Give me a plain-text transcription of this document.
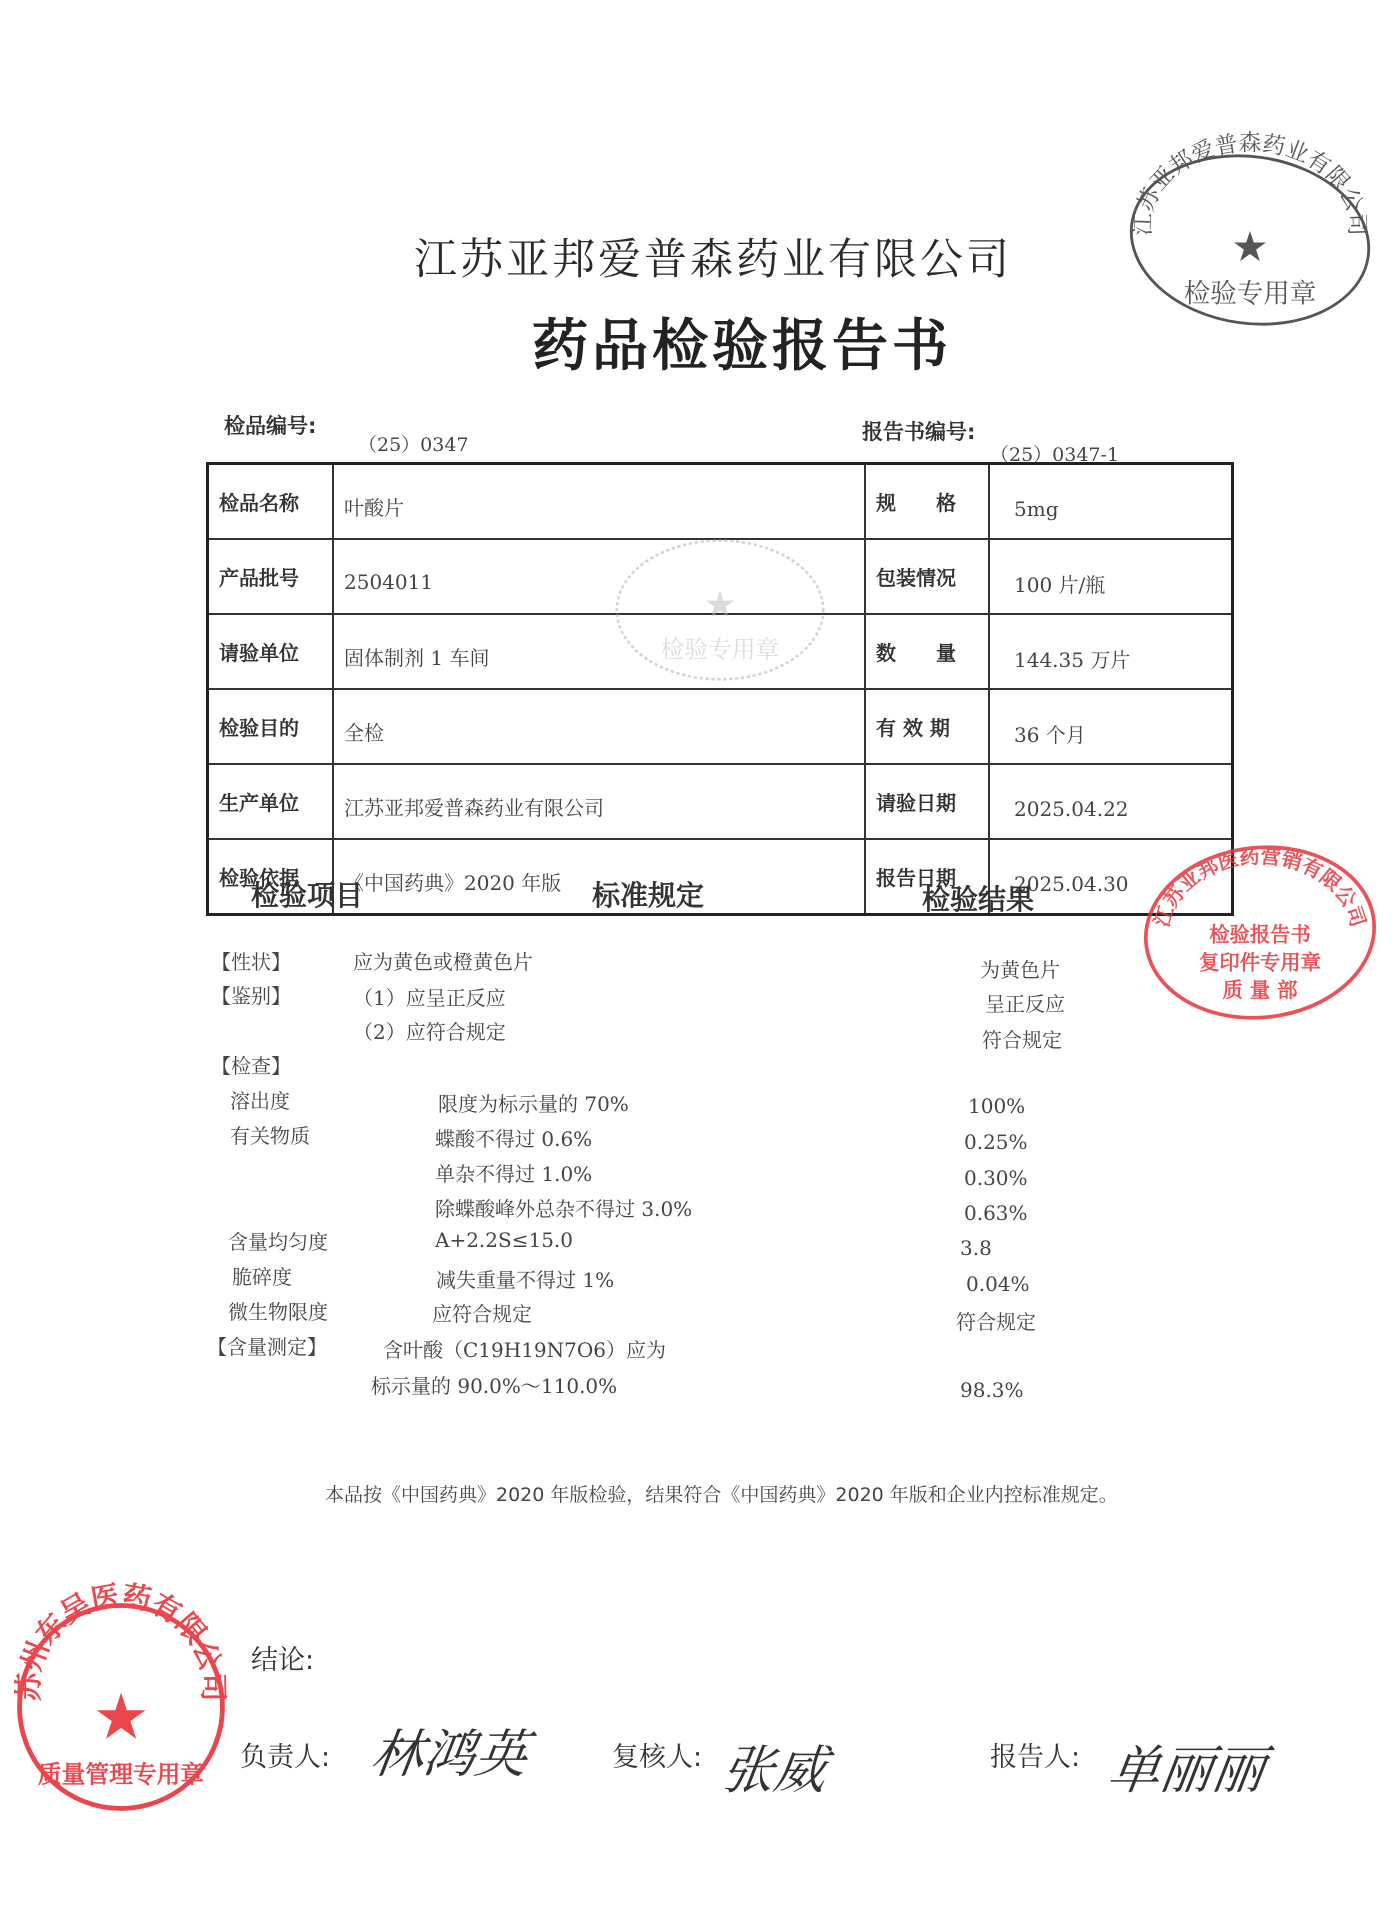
江苏亚邦爱普森药业有限公司
药品检验报告书
江苏亚邦爱普森药业有限公司
★
检验专用章
检品编号:
（25）0347
报告书编号:
（25）0347-1
检品名称	叶酸片	规　　格	5mg
产品批号	2504011	包装情况	100 片/瓶
请验单位	固体制剂 1 车间	数　　量	144.35 万片
检验目的	全检	有 效 期	36 个月
生产单位	江苏亚邦爱普森药业有限公司	请验日期	2025.04.22
检验依据	《中国药典》2020 年版	报告日期	2025.04.30
★
检验专用章
检验项目	标准规定	检验结果
【性状】	应为黄色或橙黄色片	为黄色片
【鉴别】	（1）应呈正反应	呈正反应
（2）应符合规定	符合规定
【检查】
溶出度	限度为标示量的 70%	100%
有关物质	蝶酸不得过 0.6%	0.25%
单杂不得过 1.0%	0.30%
除蝶酸峰外总杂不得过 3.0%	0.63%
含量均匀度	A+2.2S≤15.0	3.8
脆碎度	减失重量不得过 1%	0.04%
微生物限度	应符合规定	符合规定
【含量测定】	含叶酸（C19H19N7O6）应为
标示量的 90.0%～110.0%	98.3%
江苏亚邦医药营销有限公司
检验报告书
复印件专用章
质 量 部
本品按《中国药典》2020 年版检验，结果符合《中国药典》2020 年版和企业内控标准规定。
结论:
负责人: 林鸿英	复核人: 张威	报告人: 单丽丽
苏州东吴医药有限公司
★
质量管理专用章
